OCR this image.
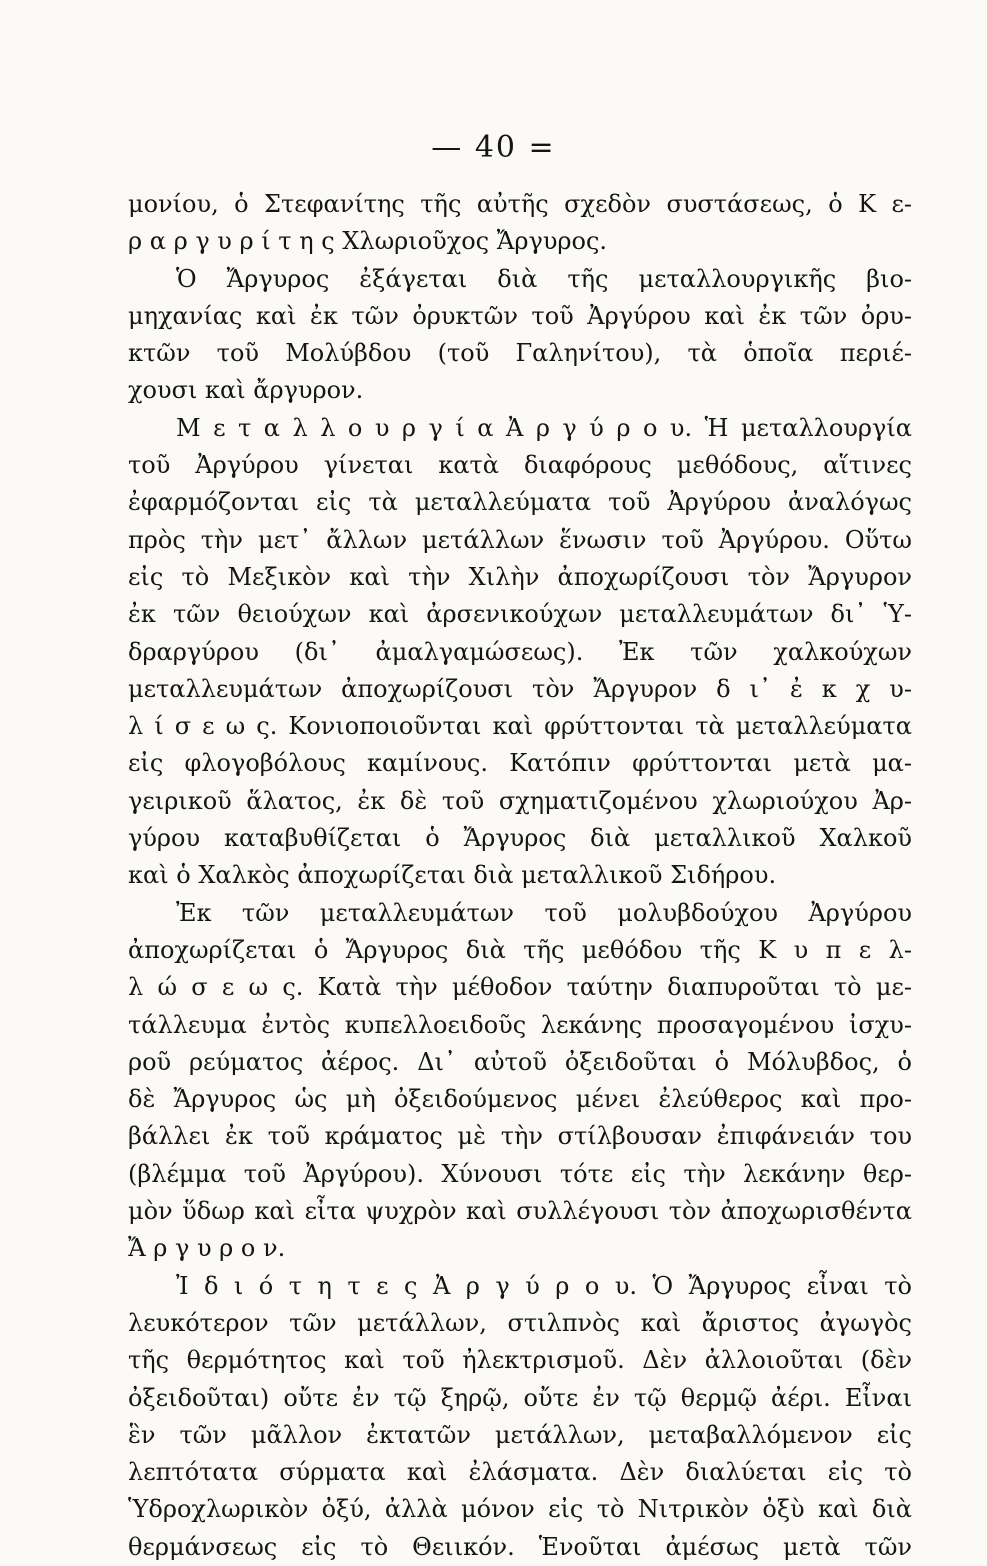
— 40 =
μονίου, ὁ Στεφανίτης τῆς αὐτῆς σχεδὸν συστάσεως, ὁ Κ ε-
ρ α ρ γ υ ρ ί τ η ς Χλωριοῦχος Ἄργυρος.
Ὁ Ἄργυρος ἐξάγεται διὰ τῆς μεταλλουργικῆς βιο-
μηχανίας καὶ ἐκ τῶν ὀρυκτῶν τοῦ Ἀργύρου καὶ ἐκ τῶν ὀρυ-
κτῶν τοῦ Μολύβδου (τοῦ Γαληνίτου), τὰ ὁποῖα περιέ-
χουσι καὶ ἄργυρον.
Μ ε τ α λ λ ο υ ρ γ ί α Ἀ ρ γ ύ ρ ο υ. Ἡ μεταλλουργία
τοῦ Ἀργύρου γίνεται κατὰ διαφόρους μεθόδους, αἵτινες
ἐφαρμόζονται εἰς τὰ μεταλλεύματα τοῦ Ἀργύρου ἀναλόγως
πρὸς τὴν μετ᾿ ἄλλων μετάλλων ἕνωσιν τοῦ Ἀργύρου. Οὕτω
εἰς τὸ Μεξικὸν καὶ τὴν Χιλὴν ἀποχωρίζουσι τὸν Ἄργυρον
ἐκ τῶν θειούχων καὶ ἀρσενικούχων μεταλλευμάτων δι᾿ Ὑ-
δραργύρου (δι᾿ ἀμαλγαμώσεως). Ἐκ τῶν χαλκούχων
μεταλλευμάτων ἀποχωρίζουσι τὸν Ἄργυρον δ ι᾿ ἐ κ χ υ-
λ ί σ ε ω ς. Κονιοποιοῦνται καὶ φρύττονται τὰ μεταλλεύματα
εἰς φλογοβόλους καμίνους. Κατόπιν φρύττονται μετὰ μα-
γειρικοῦ ἅλατος, ἐκ δὲ τοῦ σχηματιζομένου χλωριούχου Ἀρ-
γύρου καταβυθίζεται ὁ Ἄργυρος διὰ μεταλλικοῦ Χαλκοῦ
καὶ ὁ Χαλκὸς ἀποχωρίζεται διὰ μεταλλικοῦ Σιδήρου.
Ἐκ τῶν μεταλλευμάτων τοῦ μολυβδούχου Ἀργύρου
ἀποχωρίζεται ὁ Ἄργυρος διὰ τῆς μεθόδου τῆς Κ υ π ε λ-
λ ώ σ ε ω ς. Κατὰ τὴν μέθοδον ταύτην διαπυροῦται τὸ με-
τάλλευμα ἐντὸς κυπελλοειδοῦς λεκάνης προσαγομένου ἰσχυ-
ροῦ ρεύματος ἀέρος. Δι᾿ αὐτοῦ ὀξειδοῦται ὁ Μόλυβδος, ὁ
δὲ Ἄργυρος ὡς μὴ ὀξειδούμενος μένει ἐλεύθερος καὶ προ-
βάλλει ἐκ τοῦ κράματος μὲ τὴν στίλβουσαν ἐπιφάνειάν του
(βλέμμα τοῦ Ἀργύρου). Χύνουσι τότε εἰς τὴν λεκάνην θερ-
μὸν ὕδωρ καὶ εἶτα ψυχρὸν καὶ συλλέγουσι τὸν ἀποχωρισθέντα
Ἄ ρ γ υ ρ ο ν.
Ἰ δ ι ό τ η τ ε ς Ἀ ρ γ ύ ρ ο υ. Ὁ Ἄργυρος εἶναι τὸ
λευκότερον τῶν μετάλλων, στιλπνὸς καὶ ἄριστος ἀγωγὸς
τῆς θερμότητος καὶ τοῦ ἠλεκτρισμοῦ. Δὲν ἀλλοιοῦται (δὲν
ὀξειδοῦται) οὔτε ἐν τῷ ξηρῷ, οὔτε ἐν τῷ θερμῷ ἀέρι. Εἶναι
ἓν τῶν μᾶλλον ἐκτατῶν μετάλλων, μεταβαλλόμενον εἰς
λεπτότατα σύρματα καὶ ἐλάσματα. Δὲν διαλύεται εἰς τὸ
Ὑδροχλωρικὸν ὀξύ, ἀλλὰ μόνον εἰς τὸ Νιτρικὸν ὀξὺ καὶ διὰ
θερμάνσεως εἰς τὸ Θειικόν. Ἑνοῦται ἀμέσως μετὰ τῶν
